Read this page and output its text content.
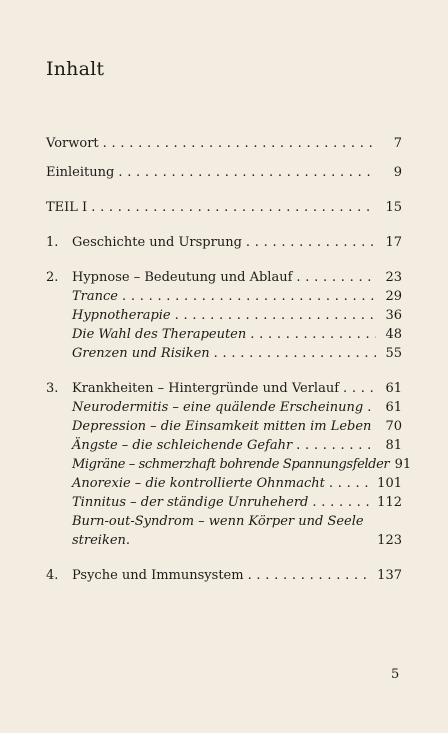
Inhalt
Vorwort . . .	7
Einleitung . . .	9
TEIL I . . .	15
1.	Geschichte und Ursprung . . .	17
2.	Hypnose – Bedeutung und Ablauf . . .	23
Trance . . .	29
Hypnotherapie . . .	36
Die Wahl des Therapeuten . . .	48
Grenzen und Risiken . . .	55
3.	Krankheiten – Hintergründe und Verlauf . . .	61
Neurodermitis – eine quälende Erscheinung . . .	61
Depression – die Einsamkeit mitten im Leben	70
Ängste – die schleichende Gefahr . . .	81
Migräne – schmerzhaft bohrende Spannungsfelder 91
Anorexie – die kontrollierte Ohnmacht . . .	101
Tinnitus – der ständige Unruheherd . . .	112
Burn-out-Syndrom – wenn Körper und Seele
streiken.	123
4.	Psyche und Immunsystem . . .	137
5
